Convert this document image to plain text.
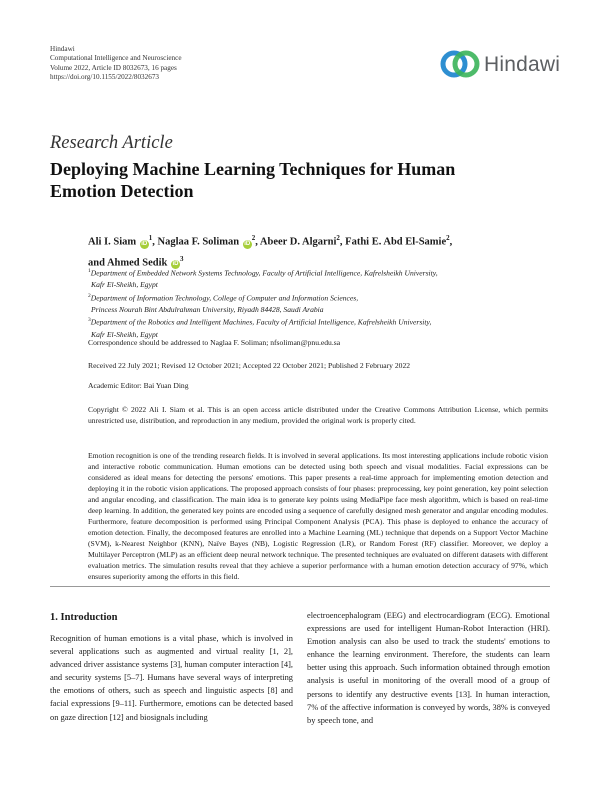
Hindawi
Computational Intelligence and Neuroscience
Volume 2022, Article ID 8032673, 16 pages
https://doi.org/10.1155/2022/8032673
Hindawi
Research Article
Deploying Machine Learning Techniques for Human Emotion Detection
Ali I. Siam $iD^1$, Naglaa F. Soliman $iD^2$, Abeer D. Algarni$^2$, Fathi E. Abd El-Samie$^2$,
and Ahmed Sedik $iD^3$
$^1$Department of Embedded Network Systems Technology, Faculty of Artificial Intelligence, Kafrelsheikh University,
Kafr El-Sheikh, Egypt
$^2$Department of Information Technology, College of Computer and Information Sciences,
Princess Nourah Bint Abdulrahman University, Riyadh 84428, Saudi Arabia
$^3$Department of the Robotics and Intelligent Machines, Faculty of Artificial Intelligence, Kafrelsheikh University,
Kafr El-Sheikh, Egypt
Correspondence should be addressed to Naglaa F. Soliman; nfsoliman@pnu.edu.sa
Received 22 July 2021; Revised 12 October 2021; Accepted 22 October 2021; Published 2 February 2022
Academic Editor: Bai Yuan Ding
Copyright © 2022 Ali I. Siam et al. This is an open access article distributed under the Creative Commons Attribution License, which permits unrestricted use, distribution, and reproduction in any medium, provided the original work is properly cited.
Emotion recognition is one of the trending research fields. It is involved in several applications. Its most interesting applications include robotic vision and interactive robotic communication. Human emotions can be detected using both speech and visual modalities. Facial expressions can be considered as ideal means for detecting the persons' emotions. This paper presents a real-time approach for implementing emotion detection and deploying it in the robotic vision applications. The proposed approach consists of four phases: preprocessing, key point generation, key point selection and angular encoding, and classification. The main idea is to generate key points using MediaPipe face mesh algorithm, which is based on real-time deep learning. In addition, the generated key points are encoded using a sequence of carefully designed mesh generator and angular encoding modules. Furthermore, feature decomposition is performed using Principal Component Analysis (PCA). This phase is deployed to enhance the accuracy of emotion detection. Finally, the decomposed features are enrolled into a Machine Learning (ML) technique that depends on a Support Vector Machine (SVM), k-Nearest Neighbor (KNN), Naïve Bayes (NB), Logistic Regression (LR), or Random Forest (RF) classifier. Moreover, we deploy a Multilayer Perceptron (MLP) as an efficient deep neural network technique. The presented techniques are evaluated on different datasets with different evaluation metrics. The simulation results reveal that they achieve a superior performance with a human emotion detection accuracy of 97%, which ensures superiority among the efforts in this field.
1. Introduction
Recognition of human emotions is a vital phase, which is involved in several applications such as augmented and virtual reality [1, 2], advanced driver assistance systems [3], human computer interaction [4], and security systems [5–7]. Humans have several ways of interpreting the emotions of others, such as speech and linguistic aspects [8] and facial expressions [9–11]. Furthermore, emotions can be detected based on gaze direction [12] and biosignals including
electroencephalogram (EEG) and electrocardiogram (ECG). Emotional expressions are used for intelligent Human-Robot Interaction (HRI). Emotion analysis can also be used to track the students' emotions to enhance the learning environment. Therefore, the students can learn better using this approach. Such information obtained through emotion analysis is useful in monitoring of the overall mood of a group of persons to identify any destructive events [13]. In human interaction, 7% of the affective information is conveyed by words, 38% is conveyed by speech tone, and
